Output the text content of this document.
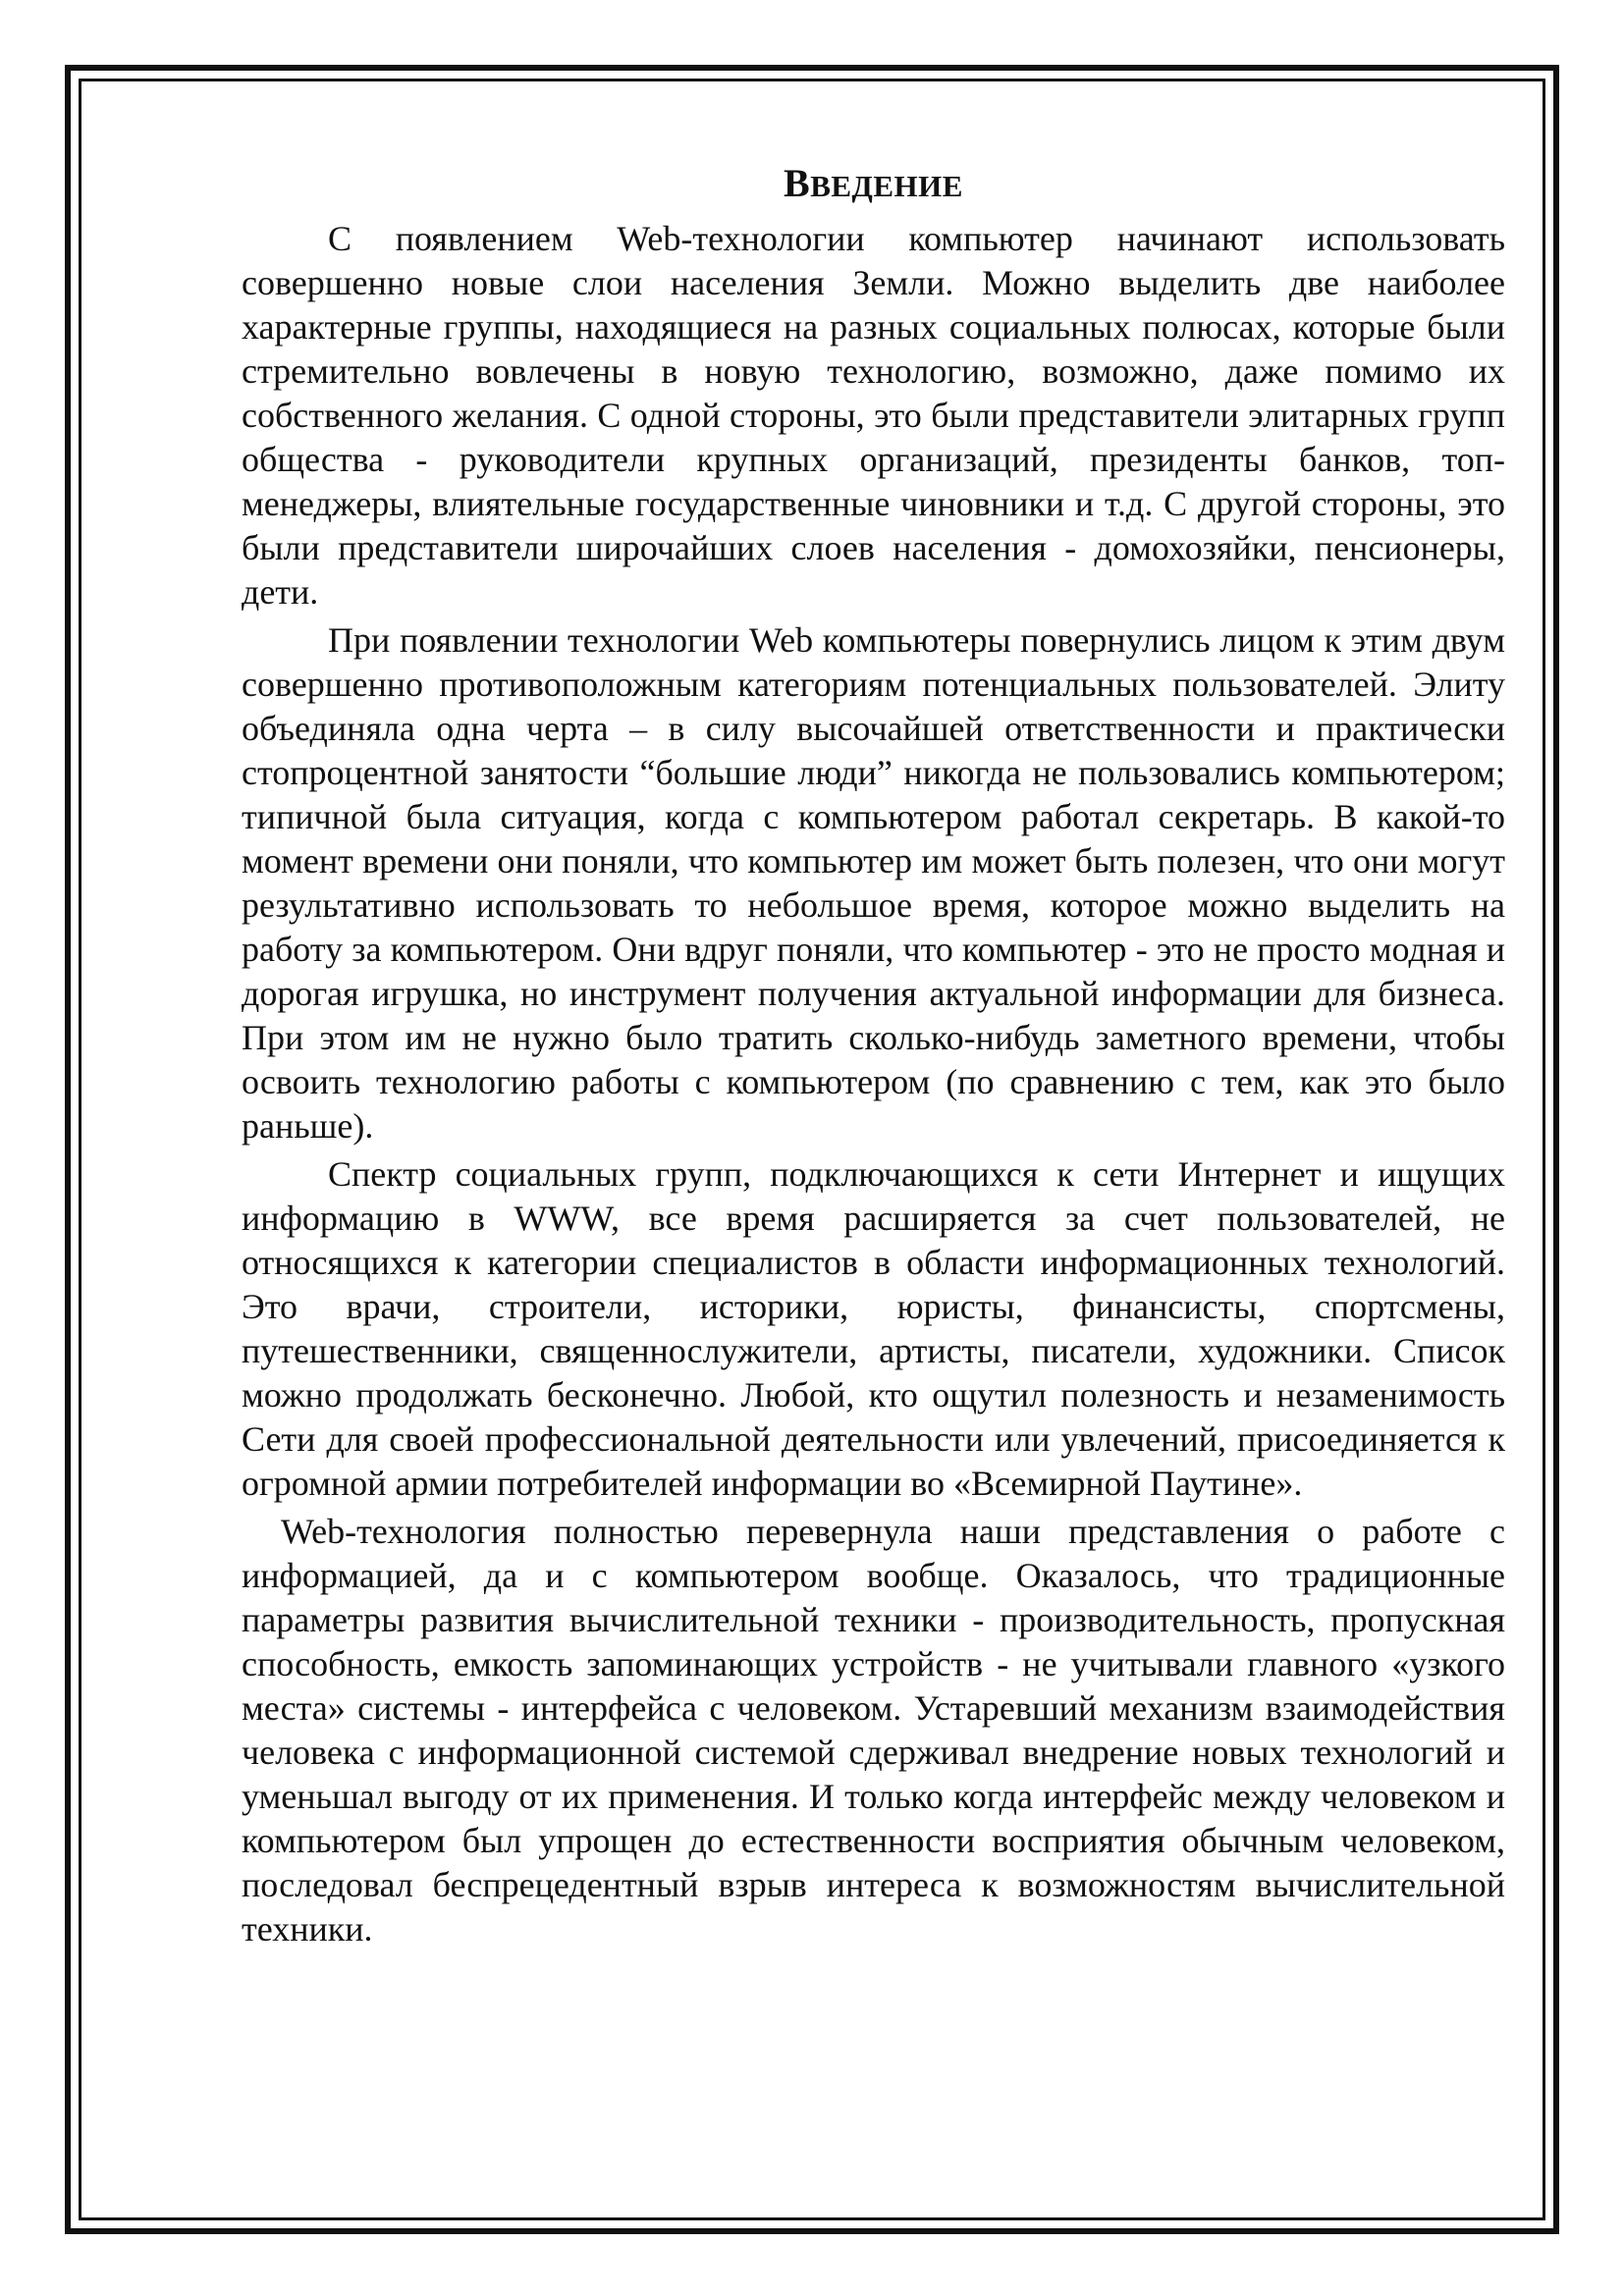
ВВЕДЕНИЕ

С появлением Web-технологии компьютер начинают использовать совершенно новые слои населения Земли. Можно выделить две наиболее характерные группы, находящиеся на разных социальных полюсах, которые были стремительно вовлечены в новую технологию, возможно, даже помимо их собственного желания. С одной стороны, это были представители элитарных групп общества - руководители крупных организаций, президенты банков, топ- менеджеры, влиятельные государственные чиновники и т.д. С другой стороны, это были представители широчайших слоев населения - домохозяйки, пенсионеры, дети.

При появлении технологии Web компьютеры повернулись лицом к этим двум совершенно противоположным категориям потенциальных пользователей. Элиту объединяла одна черта – в силу высочайшей ответственности и практически стопроцентной занятости “большие люди” никогда не пользовались компьютером; типичной была ситуация, когда с компьютером работал секретарь. В какой-то момент времени они поняли, что компьютер им может быть полезен, что они могут результативно использовать то небольшое время, которое можно выделить на работу за компьютером. Они вдруг поняли, что компьютер - это не просто модная и дорогая игрушка, но инструмент получения актуальной информации для бизнеса. При этом им не нужно было тратить сколько-нибудь заметного времени, чтобы освоить технологию работы с компьютером (по сравнению с тем, как это было раньше).

Спектр социальных групп, подключающихся к сети Интернет и ищущих информацию в WWW, все время расширяется за счет пользователей, не относящихся к категории специалистов в области информационных технологий. Это врачи, строители, историки, юристы, финансисты, спортсмены, путешественники, священнослужители, артисты, писатели, художники. Список можно продолжать бесконечно. Любой, кто ощутил полезность и незаменимость Сети для своей профессиональной деятельности или увлечений, присоединяется к огромной армии потребителей информации во «Всемирной Паутине».

Web-технология полностью перевернула наши представления о работе с информацией, да и с компьютером вообще. Оказалось, что традиционные параметры развития вычислительной техники - производительность, пропускная способность, емкость запоминающих устройств - не учитывали главного «узкого места» системы - интерфейса с человеком. Устаревший механизм взаимодействия человека с информационной системой сдерживал внедрение новых технологий и уменьшал выгоду от их применения. И только когда интерфейс между человеком и компьютером был упрощен до естественности восприятия обычным человеком, последовал беспрецедентный взрыв интереса к возможностям вычислительной техники.
